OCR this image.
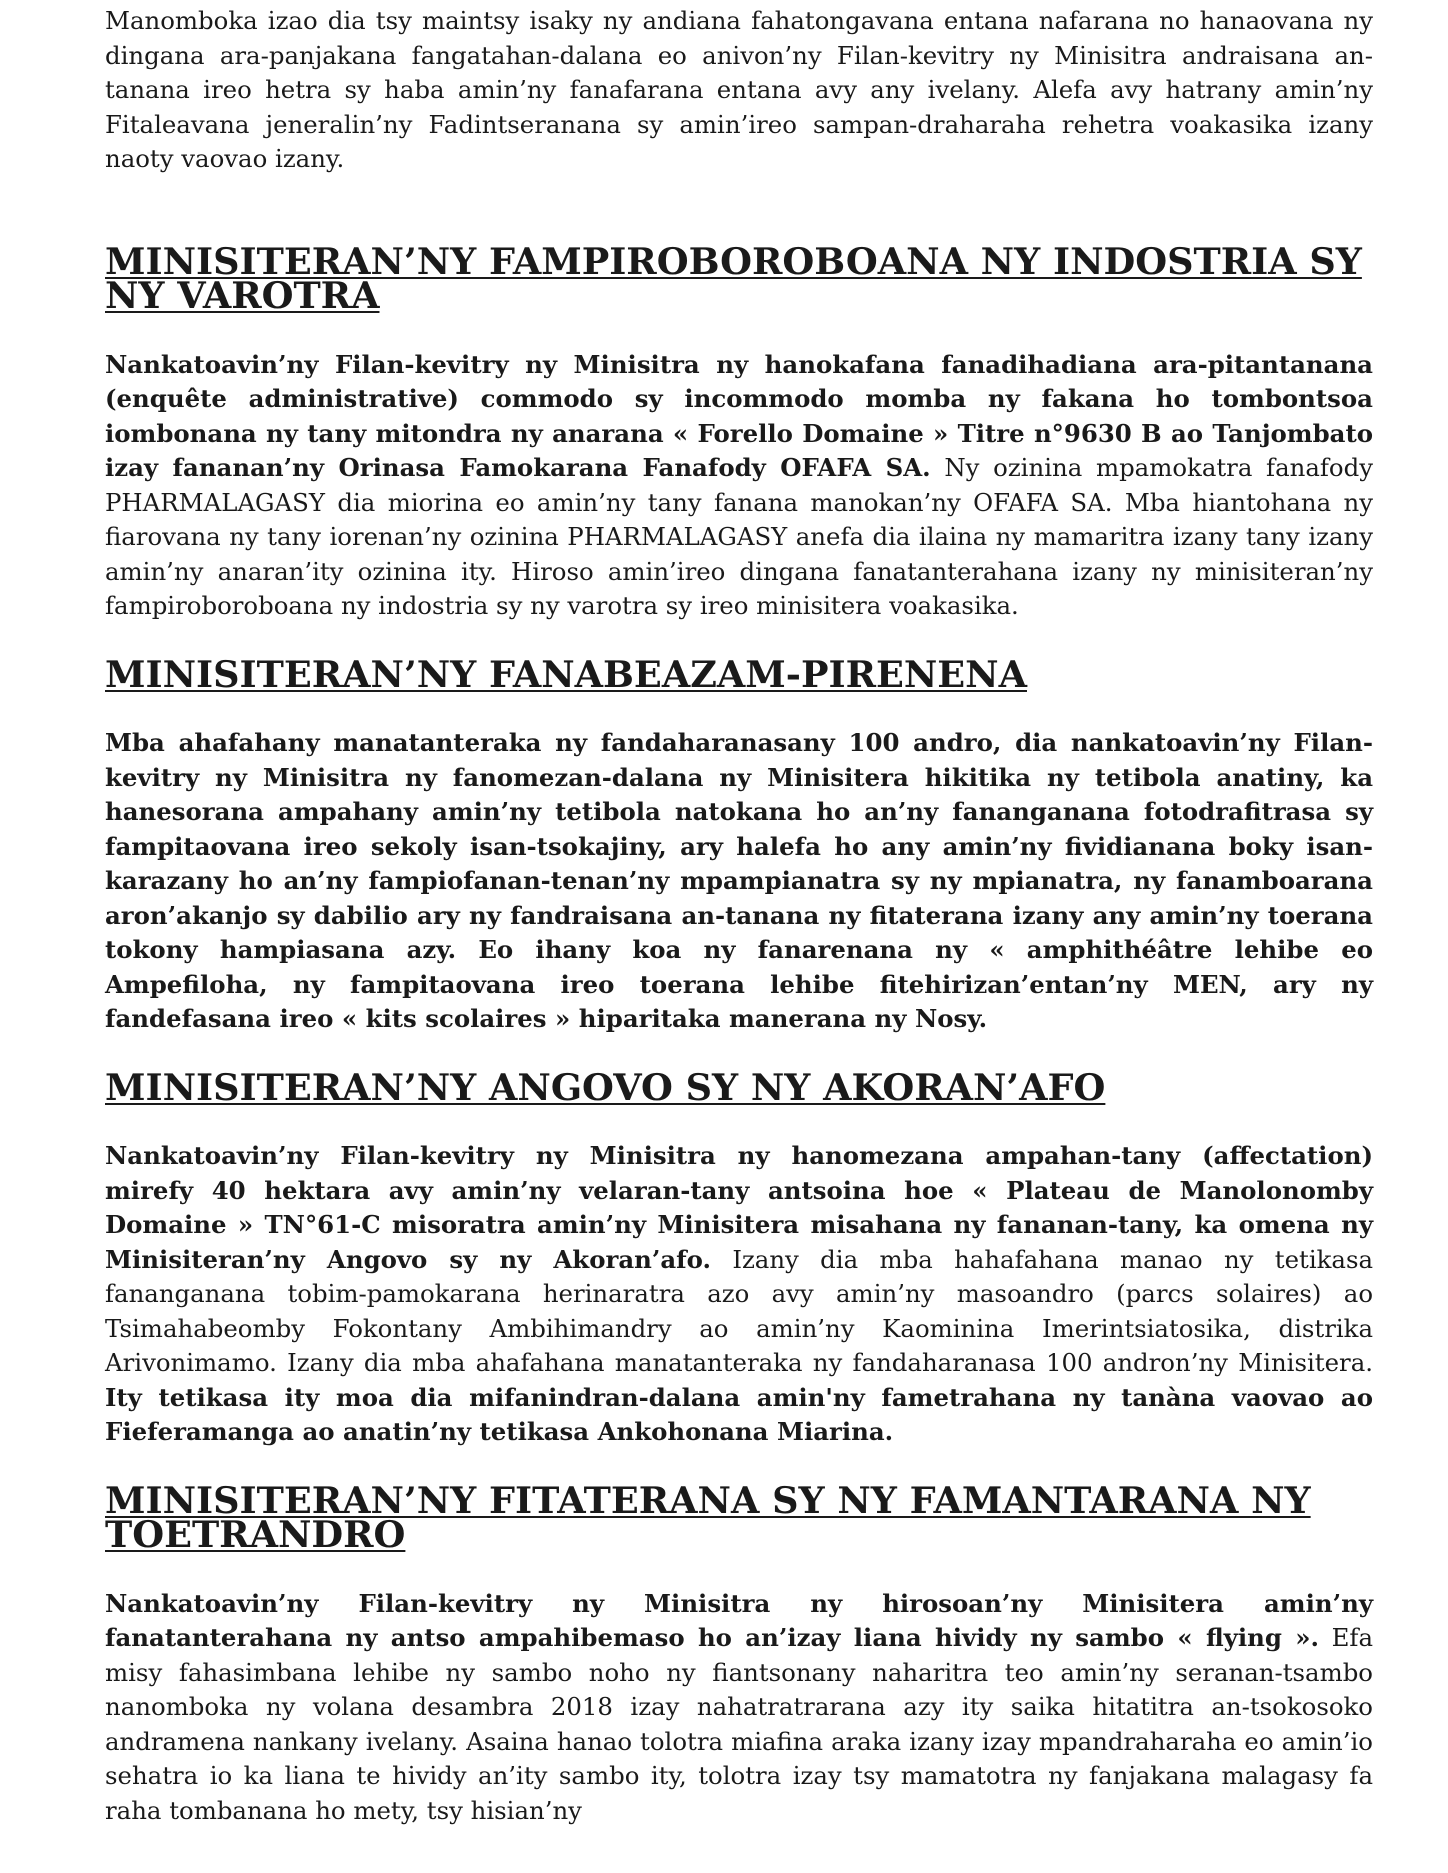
Manomboka izao dia tsy maintsy isaky ny andiana fahatongavana entana nafarana no hanaovana ny dingana ara-panjakana fangatahan-dalana eo anivon’ny Filan-kevitry ny Minisitra andraisana an-tanana ireo hetra sy haba amin’ny fanafarana entana avy any ivelany. Alefa avy hatrany amin’ny Fitaleavana jeneralin’ny Fadintseranana sy amin’ireo sampan-draharaha rehetra voakasika izany naoty vaovao izany.

MINISITERAN’NY FAMPIROBOROBOANA NY INDOSTRIA SY NY VAROTRA

Nankatoavin’ny Filan-kevitry ny Minisitra ny hanokafana fanadihadiana ara-pitantanana (enquête administrative) commodo sy incommodo momba ny fakana ho tombontsoa iombonana ny tany mitondra ny anarana « Forello Domaine » Titre n°9630 B ao Tanjombato izay fananan’ny Orinasa Famokarana Fanafody OFAFA SA. Ny ozinina mpamokatra fanafody PHARMALAGASY dia miorina eo amin’ny tany fanana manokan’ny OFAFA SA. Mba hiantohana ny fiarovana ny tany iorenan’ny ozinina PHARMALAGASY anefa dia ilaina ny mamaritra izany tany izany amin’ny anaran’ity ozinina ity. Hiroso amin’ireo dingana fanatanterahana izany ny minisiteran’ny fampiroboroboana ny indostria sy ny varotra sy ireo minisitera voakasika.

MINISITERAN’NY FANABEAZAM-PIRENENA

Mba ahafahany manatanteraka ny fandaharanasany 100 andro, dia nankatoavin’ny Filan-kevitry ny Minisitra ny fanomezan-dalana ny Minisitera hikitika ny tetibola anatiny, ka hanesorana ampahany amin’ny tetibola natokana ho an’ny fananganana fotodrafitrasa sy fampitaovana ireo sekoly isan-tsokajiny, ary halefa ho any amin’ny fividianana boky isan-karazany ho an’ny fampiofanan-tenan’ny mpampianatra sy ny mpianatra, ny fanamboarana aron’akanjo sy dabilio ary ny fandraisana an-tanana ny fitaterana izany any amin’ny toerana tokony hampiasana azy. Eo ihany koa ny fanarenana ny « amphithéâtre lehibe eo Ampefiloha, ny fampitaovana ireo toerana lehibe fitehirizan’entan’ny MEN, ary ny fandefasana ireo « kits scolaires » hiparitaka manerana ny Nosy.

MINISITERAN’NY ANGOVO SY NY AKORAN’AFO

Nankatoavin’ny Filan-kevitry ny Minisitra ny hanomezana ampahan-tany (affectation) mirefy 40 hektara avy amin’ny velaran-tany antsoina hoe « Plateau de Manolonomby Domaine » TN°61-C misoratra amin’ny Minisitera misahana ny fananan-tany, ka omena ny Minisiteran’ny Angovo sy ny Akoran’afo. Izany dia mba hahafahana manao ny tetikasa fananganana tobim-pamokarana herinaratra azo avy amin’ny masoandro (parcs solaires) ao Tsimahabeomby Fokontany Ambihimandry ao amin’ny Kaominina Imerintsiatosika, distrika Arivonimamo. Izany dia mba ahafahana manatanteraka ny fandaharanasa 100 andron’ny Minisitera. Ity tetikasa ity moa dia mifanindran-dalana amin'ny fametrahana ny tanàna vaovao ao Fieferamanga ao anatin’ny tetikasa Ankohonana Miarina.

MINISITERAN’NY FITATERANA SY NY FAMANTARANA NY TOETRANDRO

Nankatoavin’ny Filan-kevitry ny Minisitra ny hirosoan’ny Minisitera amin’ny fanatanterahana ny antso ampahibemaso ho an’izay liana hividy ny sambo « flying ». Efa misy fahasimbana lehibe ny sambo noho ny fiantsonany naharitra teo amin’ny seranan-tsambo nanomboka ny volana desambra 2018 izay nahatratrarana azy ity saika hitatitra an-tsokosoko andramena nankany ivelany. Asaina hanao tolotra miafina araka izany izay mpandraharaha eo amin’io sehatra io ka liana te hividy an’ity sambo ity, tolotra izay tsy mamatotra ny fanjakana malagasy fa raha tombanana ho mety, tsy hisian’ny
